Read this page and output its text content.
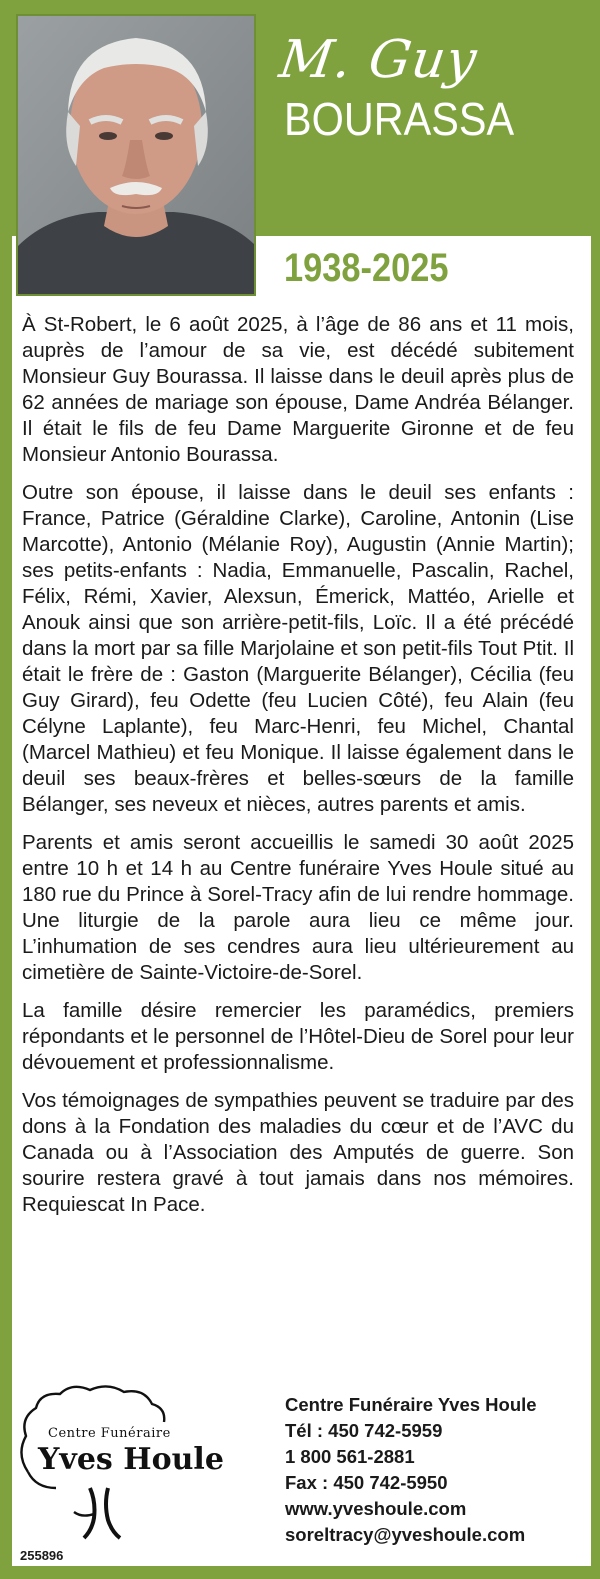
M. Guy
BOURASSA
1938-2025

À St-Robert, le 6 août 2025, à l’âge de 86 ans et 11 mois, auprès de l’amour de sa vie, est décédé subitement Monsieur Guy Bourassa. Il laisse dans le deuil après plus de 62 années de mariage son épouse, Dame Andréa Bélanger. Il était le fils de feu Dame Marguerite Gironne et de feu Monsieur Antonio Bourassa.

Outre son épouse, il laisse dans le deuil ses enfants : France, Patrice (Géraldine Clarke), Caroline, Antonin (Lise Marcotte), Antonio (Mélanie Roy), Augustin (Annie Martin); ses petits-enfants : Nadia, Emmanuelle, Pascalin, Rachel, Félix, Rémi, Xavier, Alexsun, Émerick, Mattéo, Arielle et Anouk ainsi que son arrière-petit-fils, Loïc. Il a été précédé dans la mort par sa fille Marjolaine et son petit-fils Tout Ptit. Il était le frère de : Gaston (Marguerite Bélanger), Cécilia (feu Guy Girard), feu Odette (feu Lucien Côté), feu Alain (feu Célyne Laplante), feu Marc-Henri, feu Michel, Chantal (Marcel Mathieu) et feu Monique. Il laisse également dans le deuil ses beaux-frères et belles-sœurs de la famille Bélanger, ses neveux et nièces, autres parents et amis.

Parents et amis seront accueillis le samedi 30 août 2025 entre 10 h et 14 h au Centre funéraire Yves Houle situé au 180 rue du Prince à Sorel-Tracy afin de lui rendre hommage. Une liturgie de la parole aura lieu ce même jour. L’inhumation de ses cendres aura lieu ultérieurement au cimetière de Sainte-Victoire-de-Sorel.

La famille désire remercier les paramédics, premiers répondants et le personnel de l’Hôtel-Dieu de Sorel pour leur dévouement et professionnalisme.

Vos témoignages de sympathies peuvent se traduire par des dons à la Fondation des maladies du cœur et de l’AVC du Canada ou à l’Association des Amputés de guerre. Son sourire restera gravé à tout jamais dans nos mémoires. Requiescat In Pace.

Centre Funéraire
Yves Houle
Centre Funéraire Yves Houle
Tél : 450 742-5959
1 800 561-2881
Fax : 450 742-5950
www.yveshoule.com
soreltracy@yveshoule.com
255896
